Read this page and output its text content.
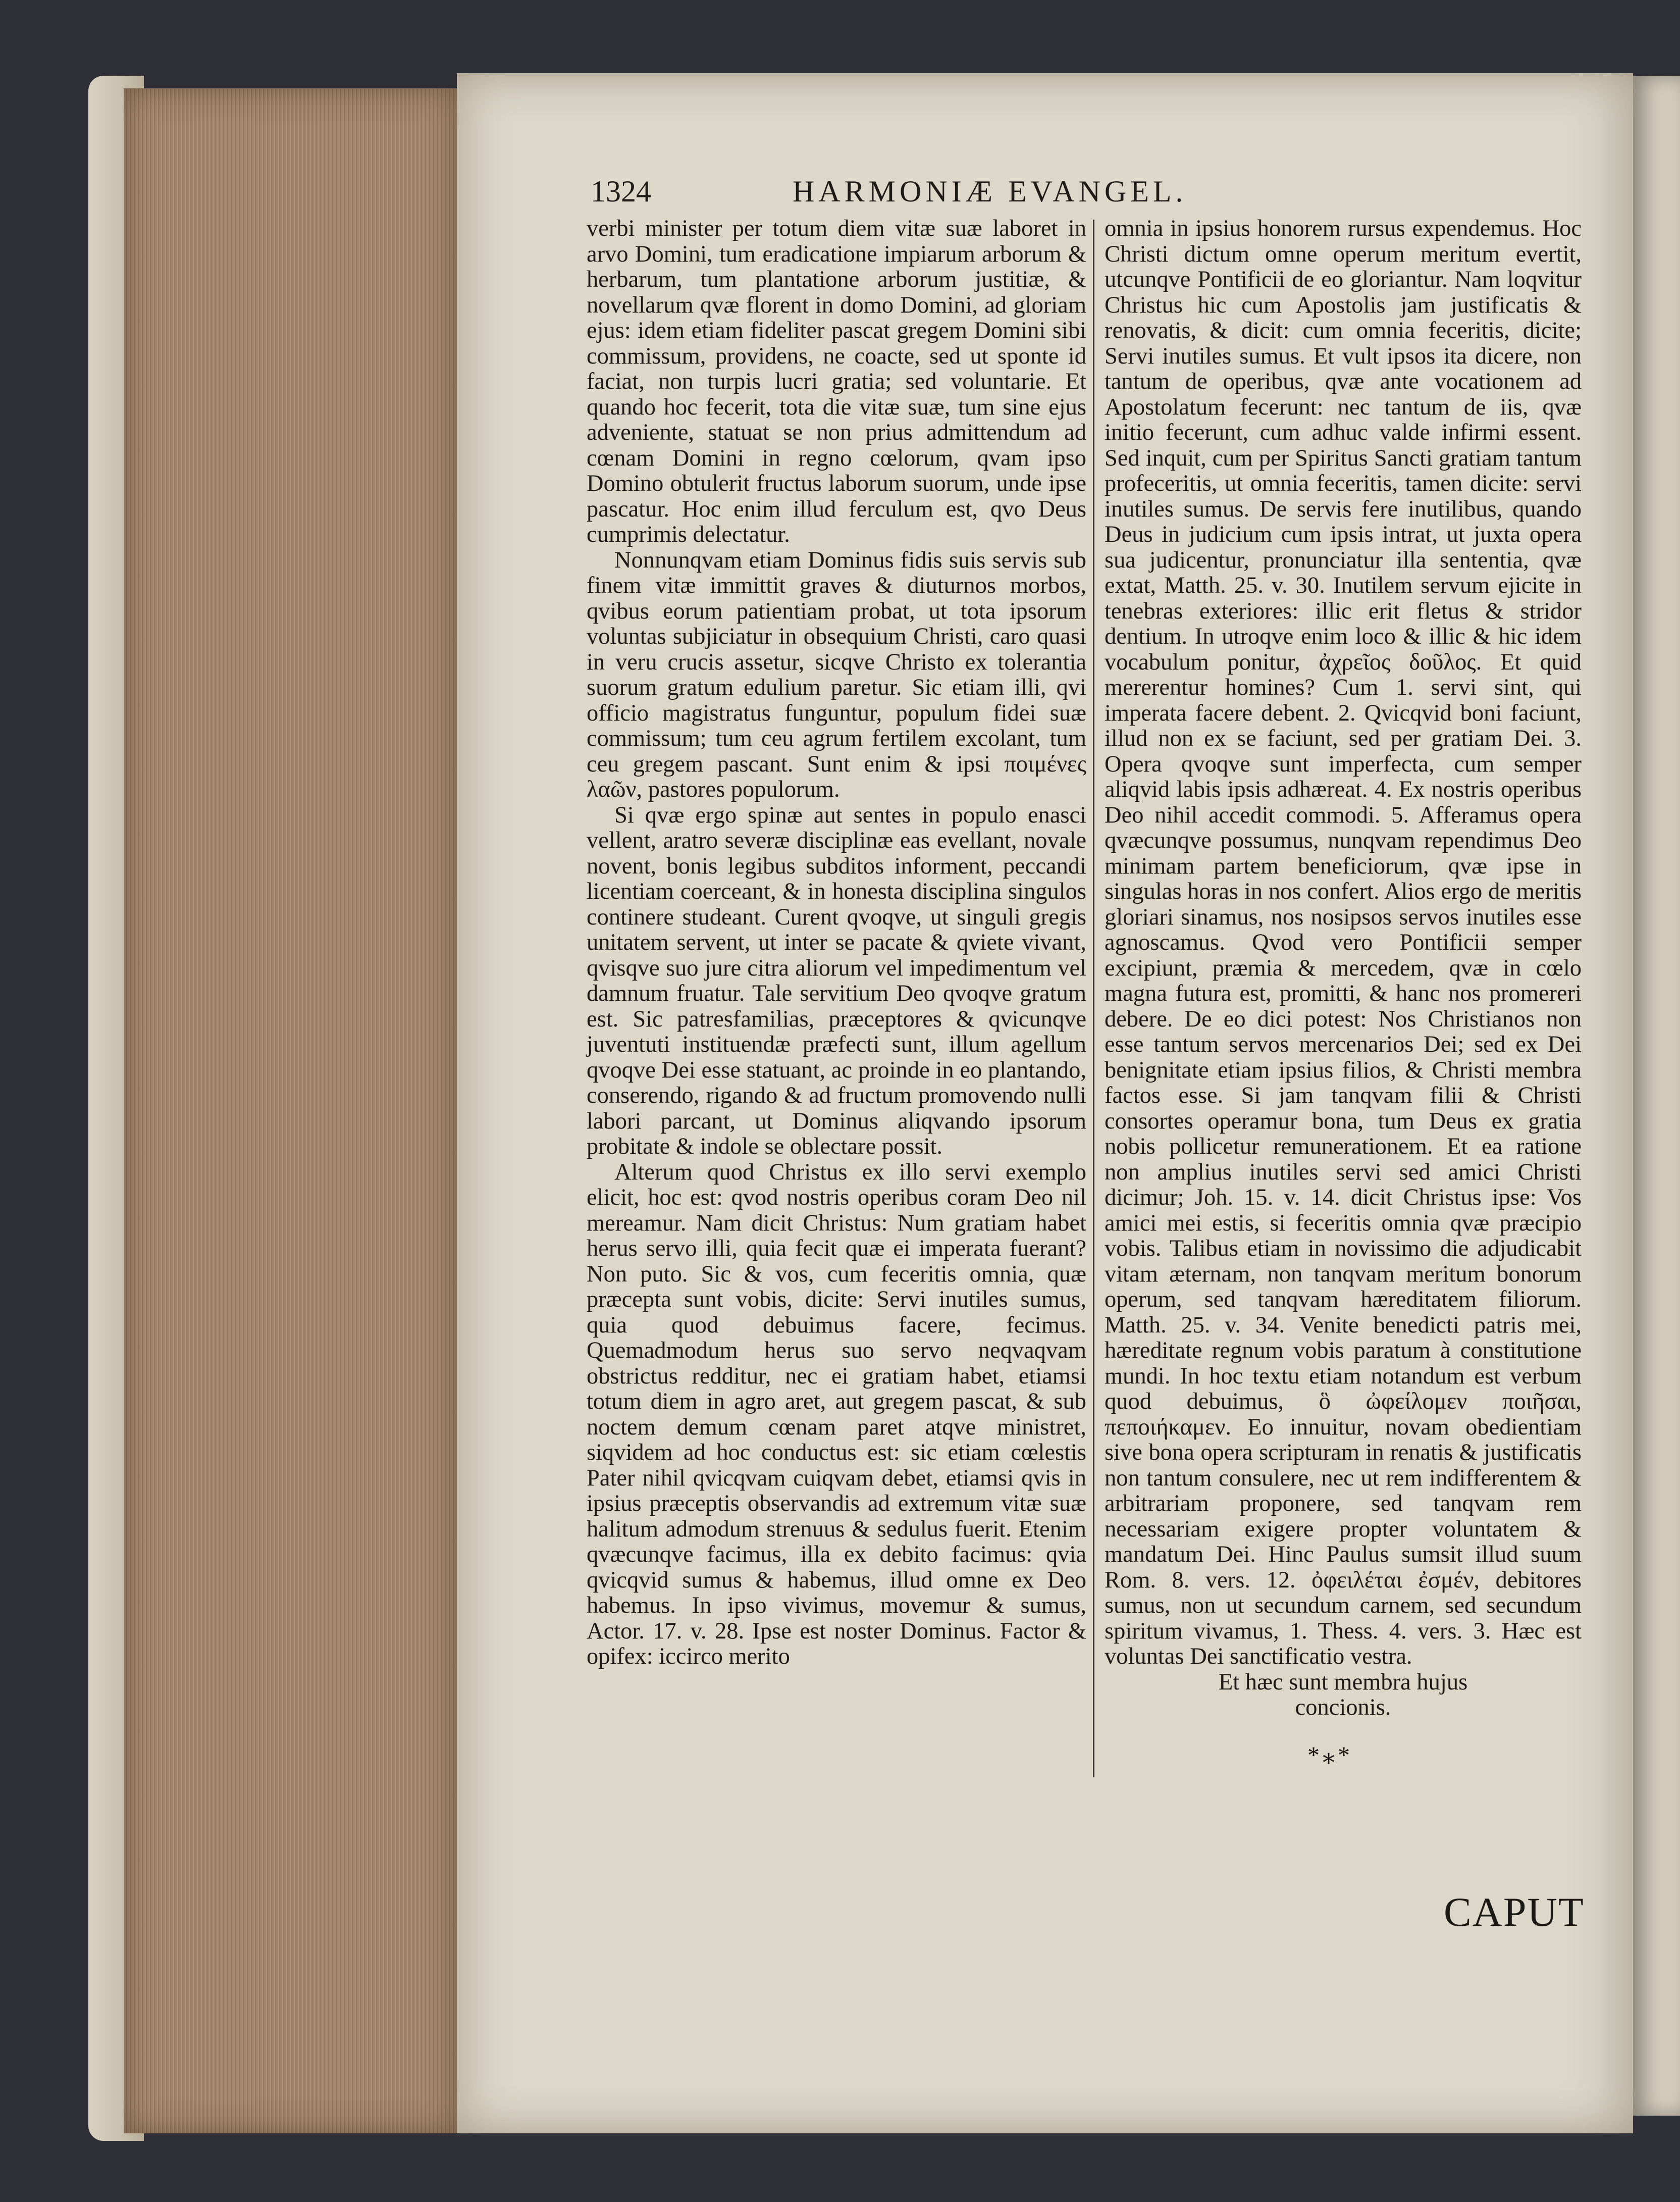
1324	HARMONIÆ EVANGEL.

verbi minister per totum diem vitæ suæ laboret in arvo Domini, tum eradicatione impiarum arborum & herbarum, tum plantatione arborum justitiæ, & novellarum qvæ florent in domo Domini, ad gloriam ejus: idem etiam fideliter pascat gregem Domini sibi commissum, providens, ne coacte, sed ut sponte id faciat, non turpis lucri gratia; sed voluntarie. Et quando hoc fecerit, tota die vitæ suæ, tum sine ejus adveniente, statuat se non prius admittendum ad cœnam Domini in regno cœlorum, qvam ipso Domino obtulerit fructus laborum suorum, unde ipse pascatur. Hoc enim illud ferculum est, qvo Deus cumprimis delectatur.

Nonnunqvam etiam Dominus fidis suis servis sub finem vitæ immittit graves & diuturnos morbos, qvibus eorum patientiam probat, ut tota ipsorum voluntas subjiciatur in obsequium Christi, caro quasi in veru crucis assetur, sicqve Christo ex tolerantia suorum gratum edulium paretur. Sic etiam illi, qvi officio magistratus funguntur, populum fidei suæ commissum; tum ceu agrum fertilem excolant, tum ceu gregem pascant. Sunt enim & ipsi ποιμένες λαῶν, pastores populorum.

Si qvæ ergo spinæ aut sentes in populo enasci vellent, aratro severæ disciplinæ eas evellant, novale novent, bonis legibus subditos informent, peccandi licentiam coerceant, & in honesta disciplina singulos continere studeant. Curent qvoqve, ut singuli gregis unitatem servent, ut inter se pacate & qviete vivant, qvisqve suo jure citra aliorum vel impedimentum vel damnum fruatur. Tale servitium Deo qvoqve gratum est. Sic patresfamilias, præceptores & qvicunqve juventuti instituendæ præfecti sunt, illum agellum qvoqve Dei esse statuant, ac proinde in eo plantando, conserendo, rigando & ad fructum promovendo nulli labori parcant, ut Dominus aliqvando ipsorum probitate & indole se oblectare possit.

Alterum quod Christus ex illo servi exemplo elicit, hoc est: qvod nostris operibus coram Deo nil mereamur. Nam dicit Christus: Num gratiam habet herus servo illi, quia fecit quæ ei imperata fuerant? Non puto. Sic & vos, cum feceritis omnia, quæ præcepta sunt vobis, dicite: Servi inutiles sumus, quia quod debuimus facere, fecimus. Quemadmodum herus suo servo neqvaqvam obstrictus redditur, nec ei gratiam habet, etiamsi totum diem in agro aret, aut gregem pascat, & sub noctem demum cœnam paret atqve ministret, siqvidem ad hoc conductus est: sic etiam cœlestis Pater nihil qvicqvam cuiqvam debet, etiamsi qvis in ipsius præceptis observandis ad extremum vitæ suæ halitum admodum strenuus & sedulus fuerit. Etenim qvæcunqve facimus, illa ex debito facimus: qvia qvicqvid sumus & habemus, illud omne ex Deo habemus. In ipso vivimus, movemur & sumus, Actor. 17. v. 28. Ipse est noster Dominus. Factor & opifex: iccirco merito

omnia in ipsius honorem rursus expendemus. Hoc Christi dictum omne operum meritum evertit, utcunqve Pontificii de eo gloriantur. Nam loqvitur Christus hic cum Apostolis jam justificatis & renovatis, & dicit: cum omnia feceritis, dicite; Servi inutiles sumus. Et vult ipsos ita dicere, non tantum de operibus, qvæ ante vocationem ad Apostolatum fecerunt: nec tantum de iis, qvæ initio fecerunt, cum adhuc valde infirmi essent. Sed inquit, cum per Spiritus Sancti gratiam tantum profeceritis, ut omnia feceritis, tamen dicite: servi inutiles sumus. De servis fere inutilibus, quando Deus in judicium cum ipsis intrat, ut juxta opera sua judicentur, pronunciatur illa sententia, qvæ extat, Matth. 25. v. 30. Inutilem servum ejicite in tenebras exteriores: illic erit fletus & stridor dentium. In utroqve enim loco & illic & hic idem vocabulum ponitur, ἀχρεῖος δοῦλος. Et quid mererentur homines? Cum 1. servi sint, qui imperata facere debent. 2. Qvicqvid boni faciunt, illud non ex se faciunt, sed per gratiam Dei. 3. Opera qvoqve sunt imperfecta, cum semper aliqvid labis ipsis adhæreat. 4. Ex nostris operibus Deo nihil accedit commodi. 5. Afferamus opera qvæcunqve possumus, nunqvam rependimus Deo minimam partem beneficiorum, qvæ ipse in singulas horas in nos confert. Alios ergo de meritis gloriari sinamus, nos nosipsos servos inutiles esse agnoscamus. Qvod vero Pontificii semper excipiunt, præmia & mercedem, qvæ in cœlo magna futura est, promitti, & hanc nos promereri debere. De eo dici potest: Nos Christianos non esse tantum servos mercenarios Dei; sed ex Dei benignitate etiam ipsius filios, & Christi membra factos esse. Si jam tanqvam filii & Christi consortes operamur bona, tum Deus ex gratia nobis pollicetur remunerationem. Et ea ratione non amplius inutiles servi sed amici Christi dicimur; Joh. 15. v. 14. dicit Christus ipse: Vos amici mei estis, si feceritis omnia qvæ præcipio vobis. Talibus etiam in novissimo die adjudicabit vitam æternam, non tanqvam meritum bonorum operum, sed tanqvam hæreditatem filiorum. Matth. 25. v. 34. Venite benedicti patris mei, hæreditate regnum vobis paratum à constitutione mundi. In hoc textu etiam notandum est verbum quod debuimus, ὃ ὠφείλομεν ποιῆσαι, πεποιήκαμεν. Eo innuitur, novam obedientiam sive bona opera scripturam in renatis & justificatis non tantum consulere, nec ut rem indifferentem & arbitrariam proponere, sed tanqvam rem necessariam exigere propter voluntatem & mandatum Dei. Hinc Paulus sumsit illud suum Rom. 8. vers. 12. ὀφειλέται ἐσμέν, debitores sumus, non ut secundum carnem, sed secundum spiritum vivamus, 1. Thess. 4. vers. 3. Hæc est voluntas Dei sanctificatio vestra.

Et hæc sunt membra hujus

concionis.

*⁎*
CAPUT
